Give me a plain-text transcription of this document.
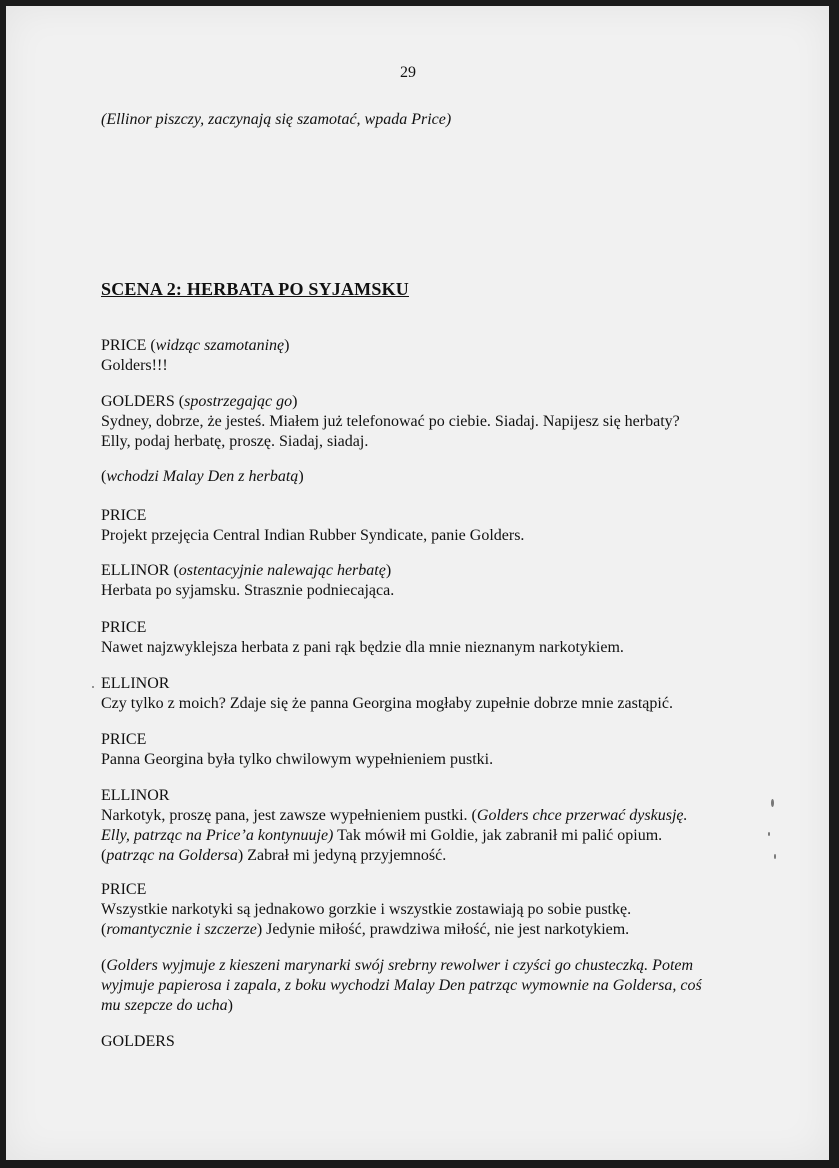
29
(Ellinor piszczy, zaczynają się szamotać, wpada Price)
SCENA 2: HERBATA PO SYJAMSKU
PRICE (widząc szamotaninę)
Golders!!!
GOLDERS (spostrzegając go)
Sydney, dobrze, że jesteś. Miałem już telefonować po ciebie. Siadaj. Napijesz się herbaty?
Elly, podaj herbatę, proszę. Siadaj, siadaj.
(wchodzi Malay Den z herbatą)
PRICE
Projekt przejęcia Central Indian Rubber Syndicate, panie Golders.
ELLINOR (ostentacyjnie nalewając herbatę)
Herbata po syjamsku. Strasznie podniecająca.
PRICE
Nawet najzwyklejsza herbata z pani rąk będzie dla mnie nieznanym narkotykiem.
ELLINOR
Czy tylko z moich? Zdaje się że panna Georgina mogłaby zupełnie dobrze mnie zastąpić.
PRICE
Panna Georgina była tylko chwilowym wypełnieniem pustki.
ELLINOR
Narkotyk, proszę pana, jest zawsze wypełnieniem pustki. (Golders chce przerwać dyskusję.
Elly, patrząc na Price’a kontynuuje) Tak mówił mi Goldie, jak zabranił mi palić opium.
(patrząc na Goldersa) Zabrał mi jedyną przyjemność.
PRICE
Wszystkie narkotyki są jednakowo gorzkie i wszystkie zostawiają po sobie pustkę.
(romantycznie i szczerze) Jedynie miłość, prawdziwa miłość, nie jest narkotykiem.
(Golders wyjmuje z kieszeni marynarki swój srebrny rewolwer i czyści go chusteczką. Potem
wyjmuje papierosa i zapala, z boku wychodzi Malay Den patrząc wymownie na Goldersa, coś
mu szepcze do ucha)
GOLDERS
